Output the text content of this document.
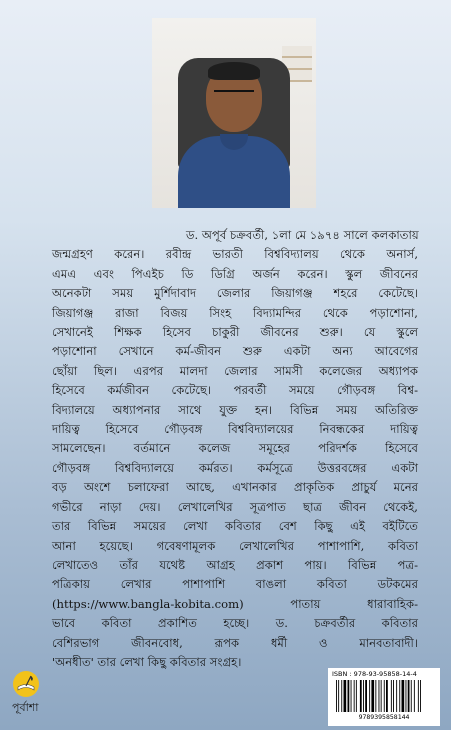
ড. অপূর্ব চক্রবর্তী, ১লা মে ১৯৭৪ সালে কলকাতায়
জন্মগ্রহণ করেন। রবীন্দ্র ভারতী বিশ্ববিদ্যালয় থেকে অনার্স,
এমএ এবং পিএইচ ডি ডিগ্রি অর্জন করেন। স্কুল জীবনের
অনেকটা সময় মুর্শিদাবাদ জেলার জিয়াগঞ্জ শহরে কেটেছে।
জিয়াগঞ্জ রাজা বিজয় সিংহ বিদ্যামন্দির থেকে পড়াশোনা,
সেখানেই শিক্ষক হিসেব চাকুরী জীবনের শুরু। যে স্কুলে
পড়াশোনা সেখানে কর্ম-জীবন শুরু একটা অন্য আবেগের
ছোঁয়া ছিল। এরপর মালদা জেলার সামসী কলেজের অধ্যাপক
হিসেবে কর্মজীবন কেটেছে। পরবর্তী সময়ে গৌড়বঙ্গ বিশ্ব-
বিদ্যালয়ে অধ্যাপনার সাথে যুক্ত হন। বিভিন্ন সময় অতিরিক্ত
দায়িত্ব হিসেবে গৌড়বঙ্গ বিশ্ববিদ্যালয়ের নিবন্ধকের দায়িত্ব
সামলেছেন। বর্তমানে কলেজ সমূহের পরিদর্শক হিসেবে
গৌড়বঙ্গ বিশ্ববিদ্যালয়ে কর্মরত। কর্মসূত্রে উত্তরবঙ্গের একটা
বড় অংশে চলাফেরা আছে, এখানকার প্রাকৃতিক প্রাচুর্য মনের
গভীরে নাড়া দেয়। লেখালেখির সূত্রপাত ছাত্র জীবন থেকেই,
তার বিভিন্ন সময়ের লেখা কবিতার বেশ কিছু এই বইটিতে
আনা হয়েছে। গবেষণামূলক লেখালেখির পাশাপাশি, কবিতা
লেখাতেও তাঁর যথেষ্ট আগ্রহ প্রকাশ পায়। বিভিন্ন পত্র-
পত্রিকায় লেখার পাশাপাশি বাঙলা কবিতা ডটকমের
(https://www.bangla-kobita.com) পাতায় ধারাবাহিক-
ভাবে কবিতা প্রকাশিত হচ্ছে। ড. চক্রবর্তীর কবিতার
বেশিরভাগ জীবনবোধ, রূপক ধর্মী ও মানবতাবাদী।
'অনধীত' তার লেখা কিছু কবিতার সংগ্রহ।
পূর্বাশা
ISBN : 978-93-95858-14-4
9789395858144
